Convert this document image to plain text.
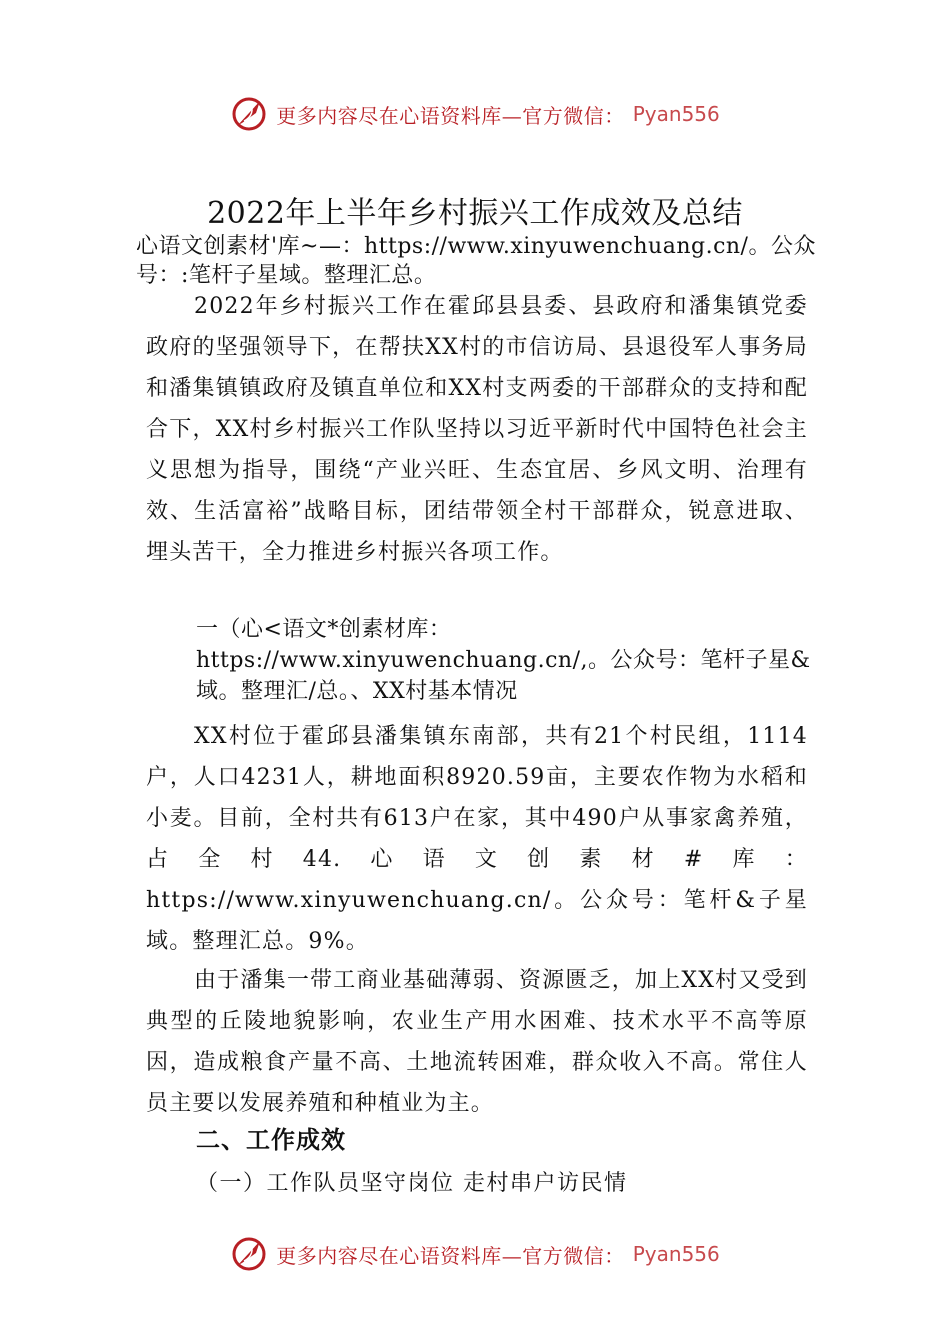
更多内容尽在心语资料库—官方微信： Pyan556
2022年上半年乡村振兴工作成效及总结

心语文创素材'库~—：https://www.xinyuwenchuang.cn/。公众号：:笔杆子星域。整理汇总。

2022年乡村振兴工作在霍邱县县委、县政府和潘集镇党委政府的坚强领导下，在帮扶XX村的市信访局、县退役军人事务局和潘集镇镇政府及镇直单位和XX村支两委的干部群众的支持和配合下，XX村乡村振兴工作队坚持以习近平新时代中国特色社会主义思想为指导，围绕“产业兴旺、生态宜居、乡风文明、治理有效、生活富裕”战略目标，团结带领全村干部群众，锐意进取、埋头苦干，全力推进乡村振兴各项工作。

一（心<语文*创素材库：https://www.xinyuwenchuang.cn/,。公众号：笔杆子星&域。整理汇/总。、XX村基本情况

XX村位于霍邱县潘集镇东南部，共有21个村民组，1114户，人口4231人，耕地面积8920.59亩，主要农作物为水稻和小麦。目前，全村共有613户在家，其中490户从事家禽养殖，占全村44.心语文创素材#库：https://www.xinyuwenchuang.cn/。公众号：笔杆&子星域。整理汇总。9%。

由于潘集一带工商业基础薄弱、资源匮乏，加上XX村又受到典型的丘陵地貌影响，农业生产用水困难、技术水平不高等原因，造成粮食产量不高、土地流转困难，群众收入不高。常住人员主要以发展养殖和种植业为主。

二、工作成效

（一）工作队员坚守岗位 走村串户访民情

更多内容尽在心语资料库—官方微信： Pyan556
